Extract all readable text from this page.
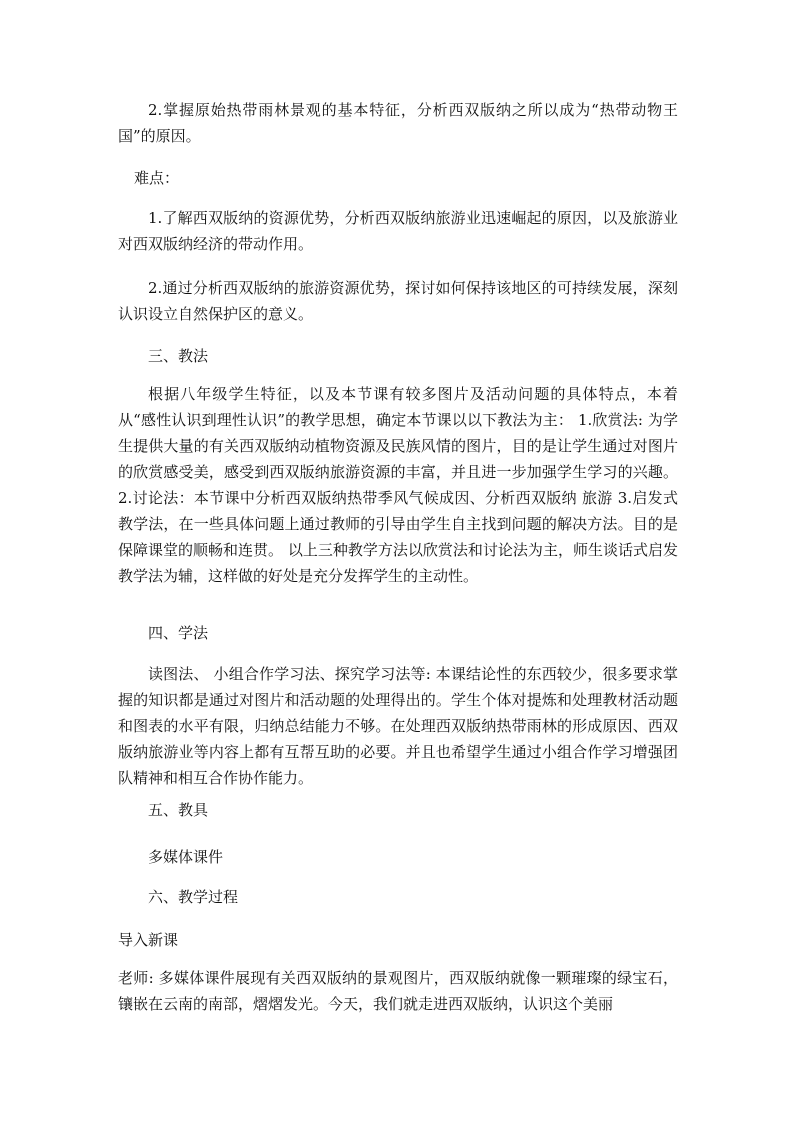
2.掌握原始热带雨林景观的基本特征，分析西双版纳之所以成为“热带动物王国”的原因。

难点：

1.了解西双版纳的资源优势，分析西双版纳旅游业迅速崛起的原因，以及旅游业对西双版纳经济的带动作用。

2.通过分析西双版纳的旅游资源优势，探讨如何保持该地区的可持续发展，深刻认识设立自然保护区的意义。

三、教法

根据八年级学生特征，以及本节课有较多图片及活动问题的具体特点，本着从“感性认识到理性认识”的教学思想，确定本节课以以下教法为主： 1.欣赏法: 为学生提供大量的有关西双版纳动植物资源及民族风情的图片，目的是让学生通过对图片的欣赏感受美，感受到西双版纳旅游资源的丰富，并且进一步加强学生学习的兴趣。 2.讨论法：本节课中分析西双版纳热带季风气候成因、分析西双版纳 旅游 3.启发式教学法，在一些具体问题上通过教师的引导由学生自主找到问题的解决方法。目的是保障课堂的顺畅和连贯。 以上三种教学方法以欣赏法和讨论法为主，师生谈话式启发教学法为辅，这样做的好处是充分发挥学生的主动性。

四、学法

读图法、 小组合作学习法、探究学习法等: 本课结论性的东西较少，很多要求掌握的知识都是通过对图片和活动题的处理得出的。学生个体对提炼和处理教材活动题和图表的水平有限，归纳总结能力不够。在处理西双版纳热带雨林的形成原因、西双版纳旅游业等内容上都有互帮互助的必要。并且也希望学生通过小组合作学习增强团队精神和相互合作协作能力。

五、教具

多媒体课件

六、教学过程

导入新课

老师: 多媒体课件展现有关西双版纳的景观图片，西双版纳就像一颗璀璨的绿宝石，镶嵌在云南的南部，熠熠发光。今天，我们就走进西双版纳，认识这个美丽
